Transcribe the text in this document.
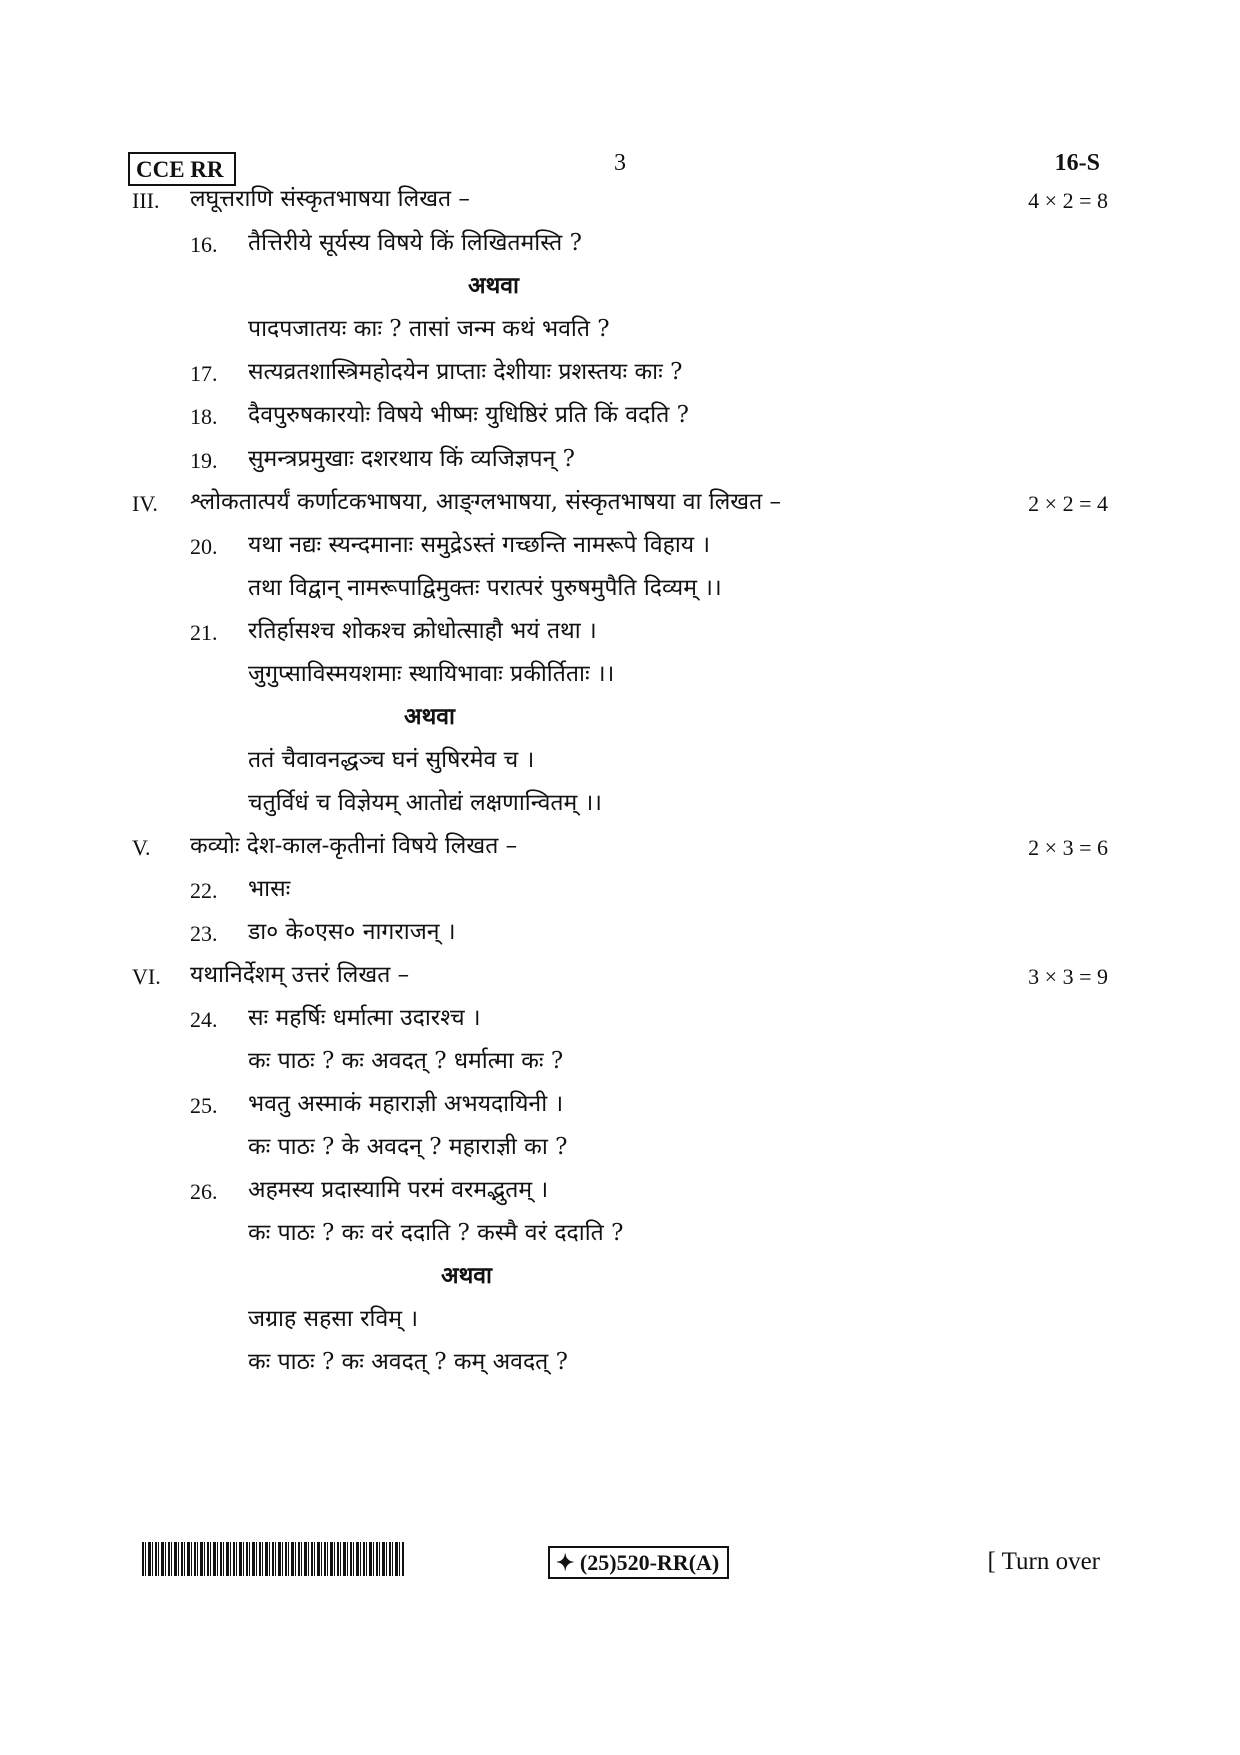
CCE RR	3	16-S
III. लघूत्तराणि संस्कृतभाषया लिखत –	4 × 2 = 8
16. तैत्तिरीये सूर्यस्य विषये किं लिखितमस्ति ?
अथवा
पादपजातयः काः ? तासां जन्म कथं भवति ?
17. सत्यव्रतशास्त्रिमहोदयेन प्राप्ताः देशीयाः प्रशस्तयः काः ?
18. दैवपुरुषकारयोः विषये भीष्मः युधिष्ठिरं प्रति किं वदति ?
19. सुमन्त्रप्रमुखाः दशरथाय किं व्यजिज्ञपन् ?
IV. श्लोकतात्पर्यं कर्णाटकभाषया, आङ्ग्लभाषया, संस्कृतभाषया वा लिखत –	2 × 2 = 4
20. यथा नद्यः स्यन्दमानाः समुद्रेऽस्तं गच्छन्ति नामरूपे विहाय ।
तथा विद्वान् नामरूपाद्विमुक्तः परात्परं पुरुषमुपैति दिव्यम् ।।
21. रतिर्हासश्च शोकश्च क्रोधोत्साहौ भयं तथा ।
जुगुप्साविस्मयशमाः स्थायिभावाः प्रकीर्तिताः ।।
अथवा
ततं चैवावनद्धञ्च घनं सुषिरमेव च ।
चतुर्विधं च विज्ञेयम् आतोद्यं लक्षणान्वितम् ।।
V. कव्योः देश-काल-कृतीनां विषये लिखत –	2 × 3 = 6
22. भासः
23. डा० के०एस० नागराजन् ।
VI. यथानिर्देशम् उत्तरं लिखत –	3 × 3 = 9
24. सः महर्षिः धर्मात्मा उदारश्च ।
कः पाठः ? कः अवदत् ? धर्मात्मा कः ?
25. भवतु अस्माकं महाराज्ञी अभयदायिनी ।
कः पाठः ? के अवदन् ? महाराज्ञी का ?
26. अहमस्य प्रदास्यामि परमं वरमद्भुतम् ।
कः पाठः ? कः वरं ददाति ? कस्मै वरं ददाति ?
अथवा
जग्राह सहसा रविम् ।
कः पाठः ? कः अवदत् ? कम् अवदत् ?
✦ (25)520-RR(A)	[ Turn over
